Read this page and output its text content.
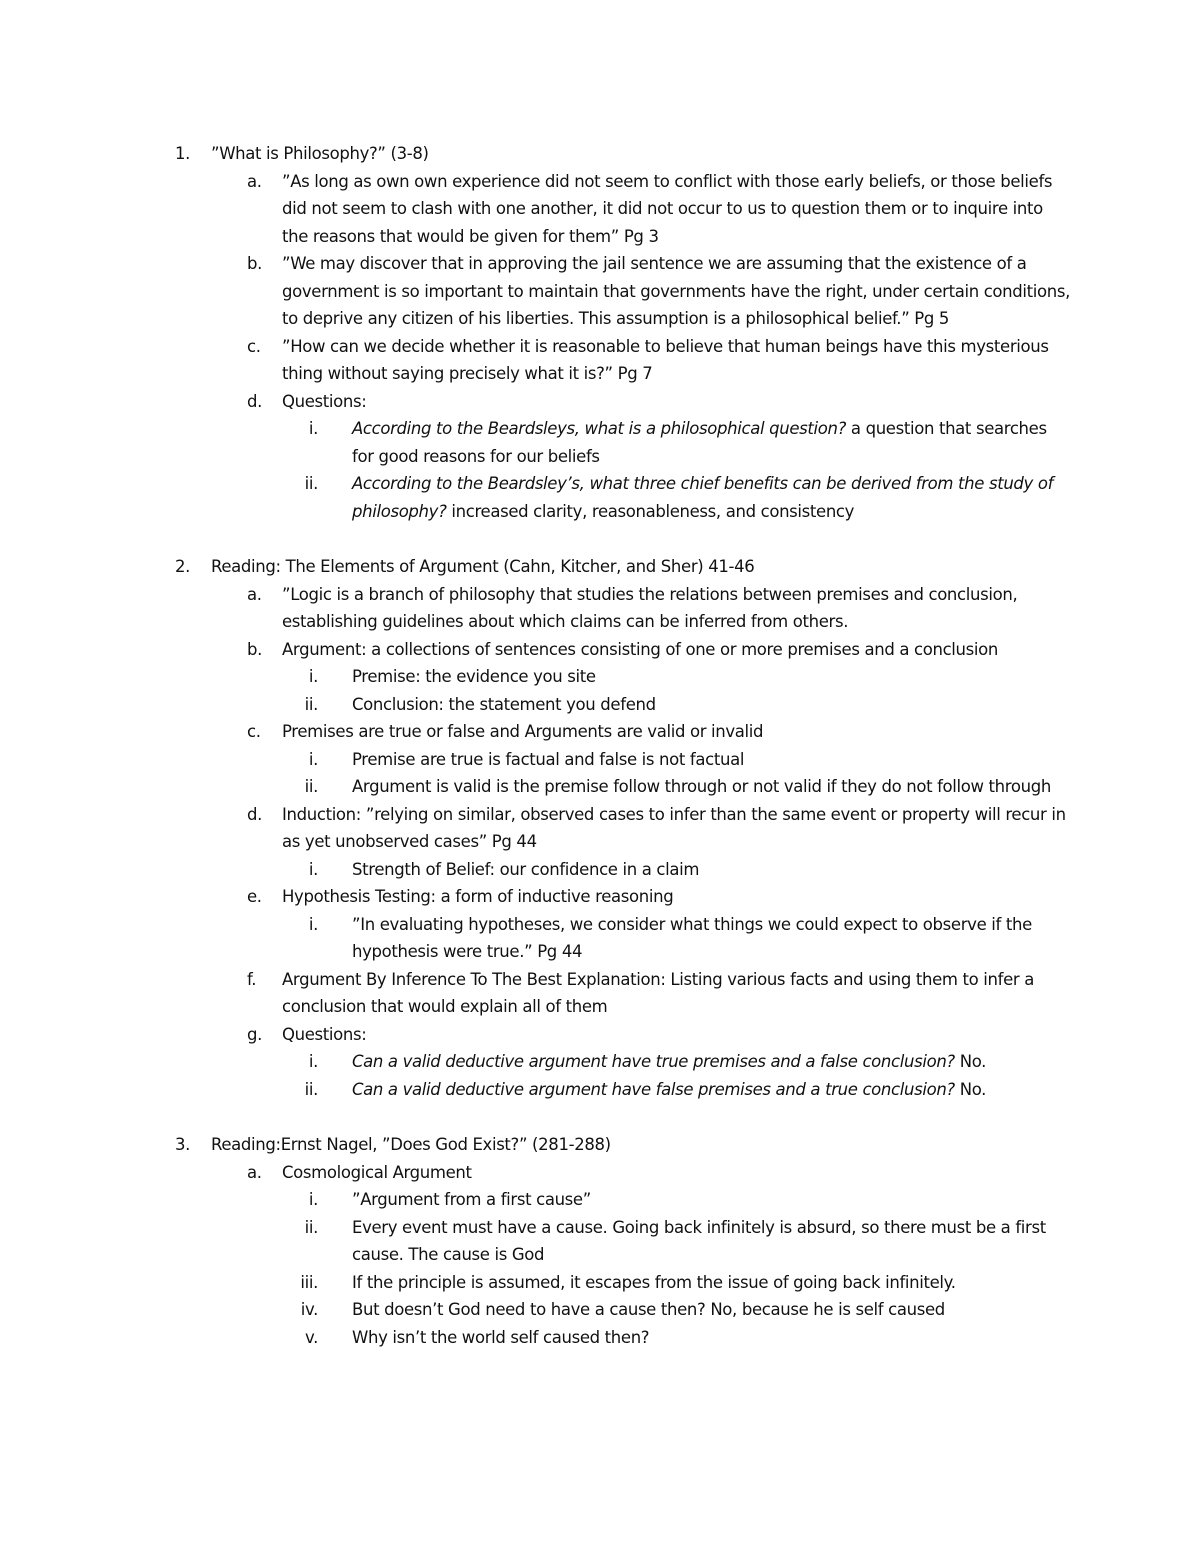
1. ”What is Philosophy?” (3-8)
a. ”As long as own own experience did not seem to conflict with those early beliefs, or those beliefs did not seem to clash with one another, it did not occur to us to question them or to inquire into the reasons that would be given for them” Pg 3
b. ”We may discover that in approving the jail sentence we are assuming that the existence of a government is so important to maintain that governments have the right, under certain conditions, to deprive any citizen of his liberties. This assumption is a philosophical belief.” Pg 5
c. ”How can we decide whether it is reasonable to believe that human beings have this mysterious thing without saying precisely what it is?” Pg 7
d. Questions:
i. According to the Beardsleys, what is a philosophical question? a question that searches for good reasons for our beliefs
ii. According to the Beardsley’s, what three chief benefits can be derived from the study of philosophy? increased clarity, reasonableness, and consistency
2. Reading: The Elements of Argument (Cahn, Kitcher, and Sher) 41-46
a. ”Logic is a branch of philosophy that studies the relations between premises and conclusion, establishing guidelines about which claims can be inferred from others.
b. Argument: a collections of sentences consisting of one or more premises and a conclusion
i. Premise: the evidence you site
ii. Conclusion: the statement you defend
c. Premises are true or false and Arguments are valid or invalid
i. Premise are true is factual and false is not factual
ii. Argument is valid is the premise follow through or not valid if they do not follow through
d. Induction: ”relying on similar, observed cases to infer than the same event or property will recur in as yet unobserved cases” Pg 44
i. Strength of Belief: our confidence in a claim
e. Hypothesis Testing: a form of inductive reasoning
i. ”In evaluating hypotheses, we consider what things we could expect to observe if the hypothesis were true.” Pg 44
f. Argument By Inference To The Best Explanation: Listing various facts and using them to infer a conclusion that would explain all of them
g. Questions:
i. Can a valid deductive argument have true premises and a false conclusion? No.
ii. Can a valid deductive argument have false premises and a true conclusion? No.
3. Reading:Ernst Nagel, ”Does God Exist?” (281-288)
a. Cosmological Argument
i. ”Argument from a first cause”
ii. Every event must have a cause. Going back infinitely is absurd, so there must be a first cause. The cause is God
iii. If the principle is assumed, it escapes from the issue of going back infinitely.
iv. But doesn’t God need to have a cause then? No, because he is self caused
v. Why isn’t the world self caused then?
